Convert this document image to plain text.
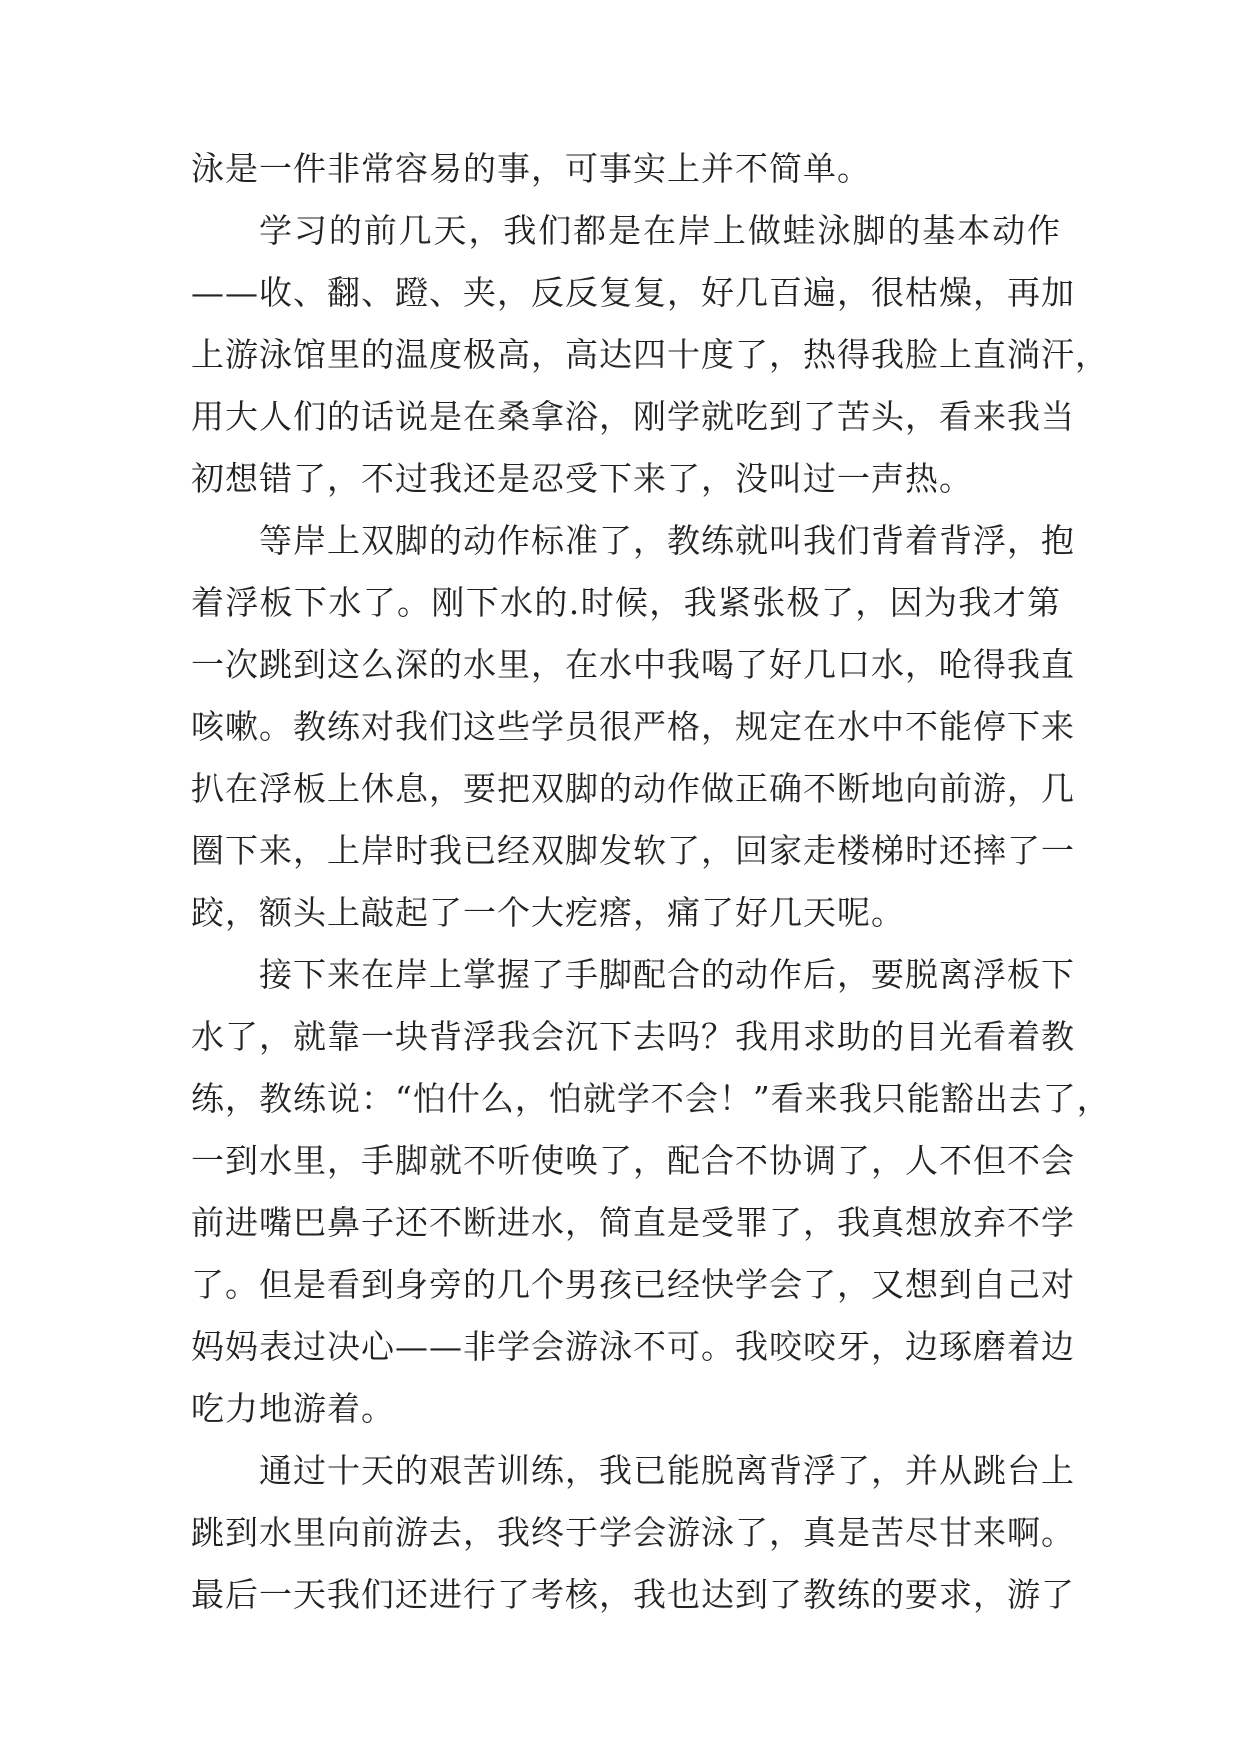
泳是一件非常容易的事，可事实上并不简单。
学习的前几天，我们都是在岸上做蛙泳脚的基本动作
——收、翻、蹬、夹，反反复复，好几百遍，很枯燥，再加
上游泳馆里的温度极高，高达四十度了，热得我脸上直淌汗，
用大人们的话说是在桑拿浴，刚学就吃到了苦头，看来我当
初想错了，不过我还是忍受下来了，没叫过一声热。
等岸上双脚的动作标准了，教练就叫我们背着背浮，抱
着浮板下水了。刚下水的.时候，我紧张极了，因为我才第
一次跳到这么深的水里，在水中我喝了好几口水，呛得我直
咳嗽。教练对我们这些学员很严格，规定在水中不能停下来
扒在浮板上休息，要把双脚的动作做正确不断地向前游，几
圈下来，上岸时我已经双脚发软了，回家走楼梯时还摔了一
跤，额头上敲起了一个大疙瘩，痛了好几天呢。
接下来在岸上掌握了手脚配合的动作后，要脱离浮板下
水了，就靠一块背浮我会沉下去吗？我用求助的目光看着教
练，教练说：“怕什么，怕就学不会！”看来我只能豁出去了，
一到水里，手脚就不听使唤了，配合不协调了，人不但不会
前进嘴巴鼻子还不断进水，简直是受罪了，我真想放弃不学
了。但是看到身旁的几个男孩已经快学会了，又想到自己对
妈妈表过决心——非学会游泳不可。我咬咬牙，边琢磨着边
吃力地游着。
通过十天的艰苦训练，我已能脱离背浮了，并从跳台上
跳到水里向前游去，我终于学会游泳了，真是苦尽甘来啊。
最后一天我们还进行了考核，我也达到了教练的要求，游了
